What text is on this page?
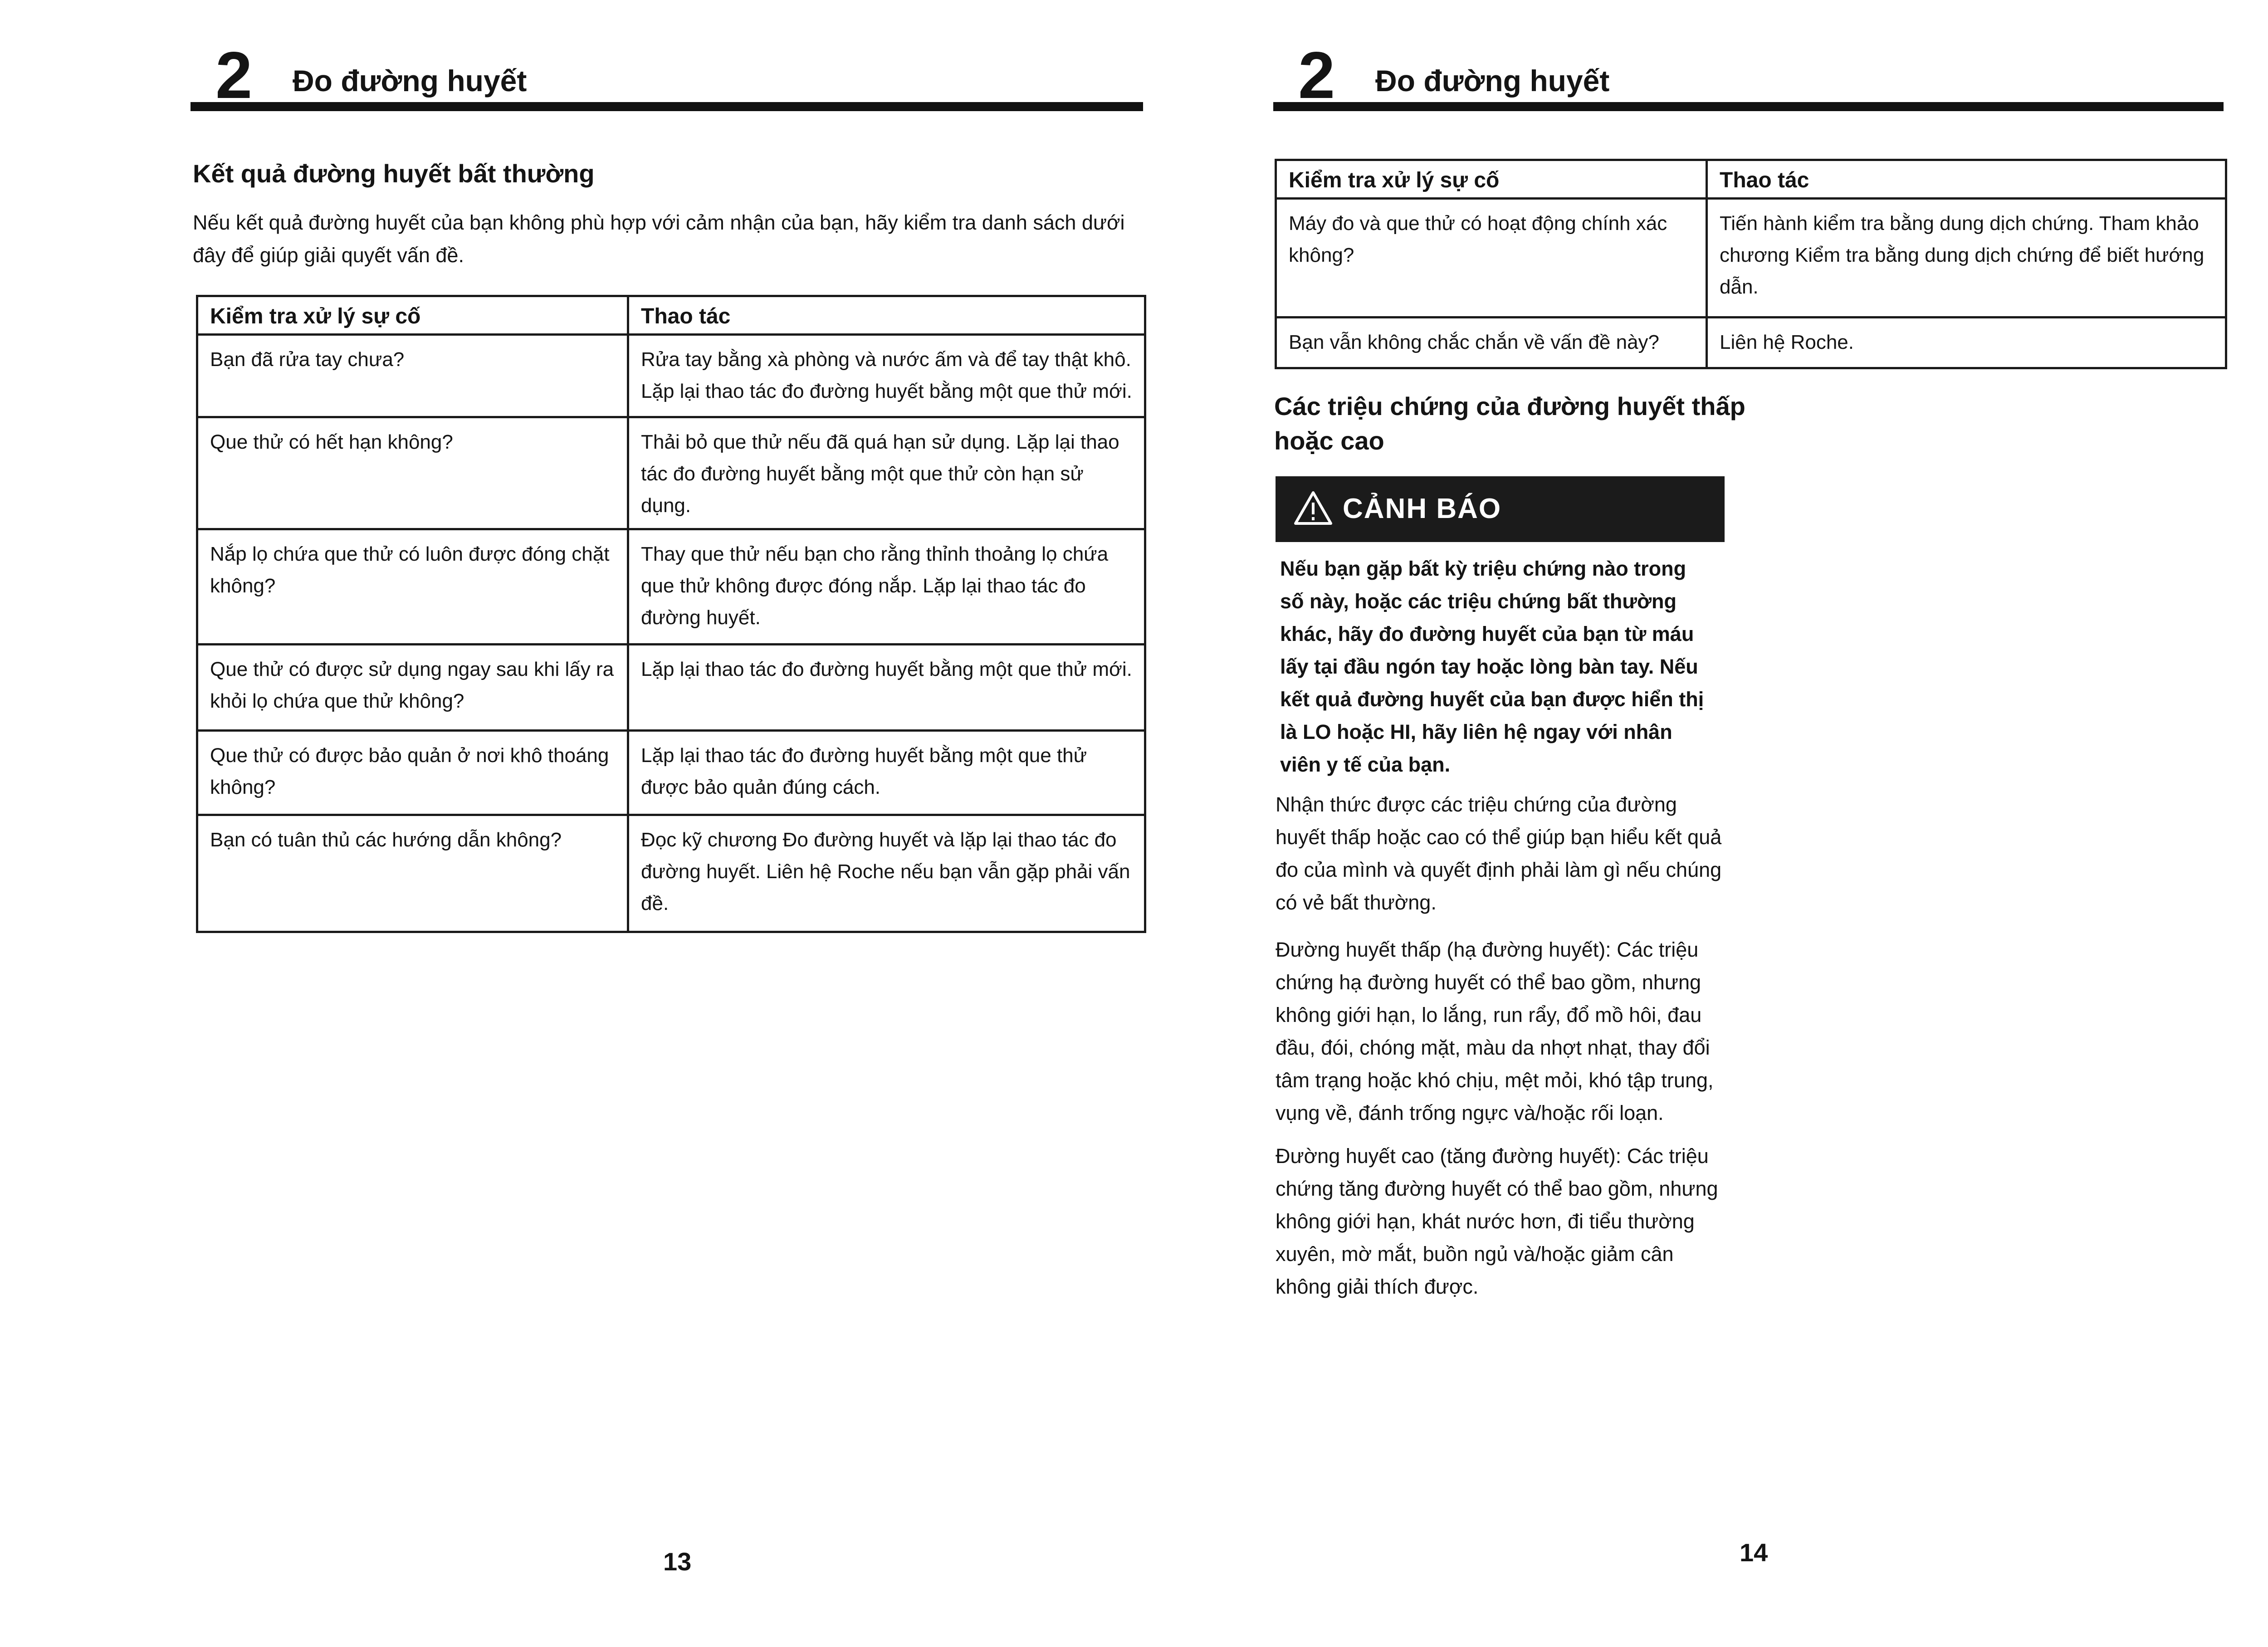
2 Đo đường huyết
Kết quả đường huyết bất thường
Nếu kết quả đường huyết của bạn không phù hợp với cảm nhận của bạn, hãy kiểm tra danh sách dưới đây để giúp giải quyết vấn đề.
Kiểm tra xử lý sự cố	Thao tác
Bạn đã rửa tay chưa?	Rửa tay bằng xà phòng và nước ấm và để tay thật khô. Lặp lại thao tác đo đường huyết bằng một que thử mới.
Que thử có hết hạn không?	Thải bỏ que thử nếu đã quá hạn sử dụng. Lặp lại thao tác đo đường huyết bằng một que thử còn hạn sử dụng.
Nắp lọ chứa que thử có luôn được đóng chặt không?	Thay que thử nếu bạn cho rằng thỉnh thoảng lọ chứa que thử không được đóng nắp. Lặp lại thao tác đo đường huyết.
Que thử có được sử dụng ngay sau khi lấy ra khỏi lọ chứa que thử không?	Lặp lại thao tác đo đường huyết bằng một que thử mới.
Que thử có được bảo quản ở nơi khô thoáng không?	Lặp lại thao tác đo đường huyết bằng một que thử được bảo quản đúng cách.
Bạn có tuân thủ các hướng dẫn không?	Đọc kỹ chương Đo đường huyết và lặp lại thao tác đo đường huyết. Liên hệ Roche nếu bạn vẫn gặp phải vấn đề.
13
2 Đo đường huyết
Kiểm tra xử lý sự cố	Thao tác
Máy đo và que thử có hoạt động chính xác không?	Tiến hành kiểm tra bằng dung dịch chứng. Tham khảo chương Kiểm tra bằng dung dịch chứng để biết hướng dẫn.
Bạn vẫn không chắc chắn về vấn đề này?	Liên hệ Roche.
Các triệu chứng của đường huyết thấp hoặc cao
CẢNH BÁO
Nếu bạn gặp bất kỳ triệu chứng nào trong số này, hoặc các triệu chứng bất thường khác, hãy đo đường huyết của bạn từ máu lấy tại đầu ngón tay hoặc lòng bàn tay. Nếu kết quả đường huyết của bạn được hiển thị là LO hoặc HI, hãy liên hệ ngay với nhân viên y tế của bạn.
Nhận thức được các triệu chứng của đường huyết thấp hoặc cao có thể giúp bạn hiểu kết quả đo của mình và quyết định phải làm gì nếu chúng có vẻ bất thường.
Đường huyết thấp (hạ đường huyết): Các triệu chứng hạ đường huyết có thể bao gồm, nhưng không giới hạn, lo lắng, run rẩy, đổ mồ hôi, đau đầu, đói, chóng mặt, màu da nhợt nhạt, thay đổi tâm trạng hoặc khó chịu, mệt mỏi, khó tập trung, vụng về, đánh trống ngực và/hoặc rối loạn.
Đường huyết cao (tăng đường huyết): Các triệu chứng tăng đường huyết có thể bao gồm, nhưng không giới hạn, khát nước hơn, đi tiểu thường xuyên, mờ mắt, buồn ngủ và/hoặc giảm cân không giải thích được.
14
